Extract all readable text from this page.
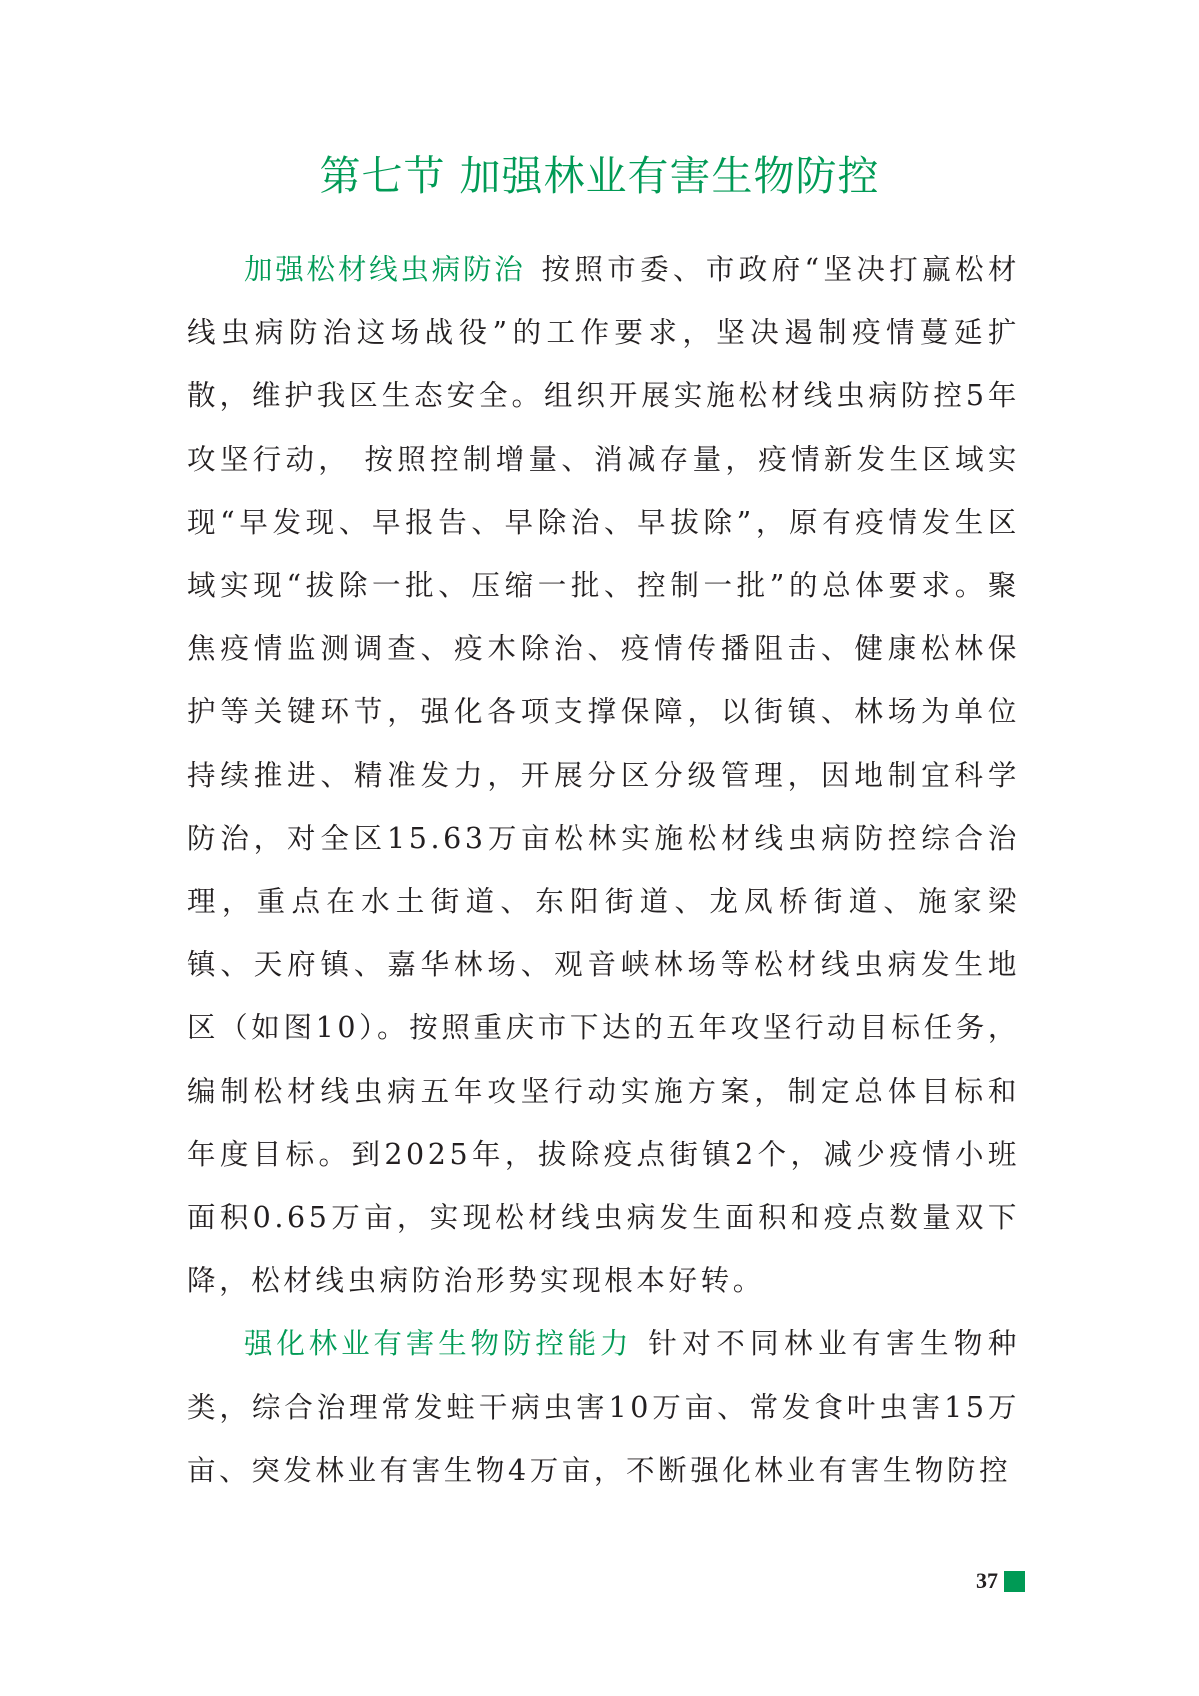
第七节 加强林业有害生物防控

加强松材线虫病防治 按照市委、市政府“坚决打赢松材线虫病防治这场战役”的工作要求，坚决遏制疫情蔓延扩散，维护我区生态安全。组织开展实施松材线虫病防控5年攻坚行动， 按照控制增量、消减存量，疫情新发生区域实现“早发现、早报告、早除治、早拔除”，原有疫情发生区域实现“拔除一批、压缩一批、控制一批”的总体要求。聚焦疫情监测调查、疫木除治、疫情传播阻击、健康松林保护等关键环节，强化各项支撑保障，以街镇、林场为单位持续推进、精准发力，开展分区分级管理，因地制宜科学防治，对全区15.63万亩松林实施松材线虫病防控综合治理，重点在水土街道、东阳街道、龙凤桥街道、施家梁镇、天府镇、嘉华林场、观音峡林场等松材线虫病发生地区（如图10）。按照重庆市下达的五年攻坚行动目标任务，编制松材线虫病五年攻坚行动实施方案，制定总体目标和年度目标。到2025年，拔除疫点街镇2个，减少疫情小班面积0.65万亩，实现松材线虫病发生面积和疫点数量双下降，松材线虫病防治形势实现根本好转。

强化林业有害生物防控能力 针对不同林业有害生物种类，综合治理常发蛀干病虫害10万亩、常发食叶虫害15万亩、突发林业有害生物4万亩，不断强化林业有害生物防控

37
